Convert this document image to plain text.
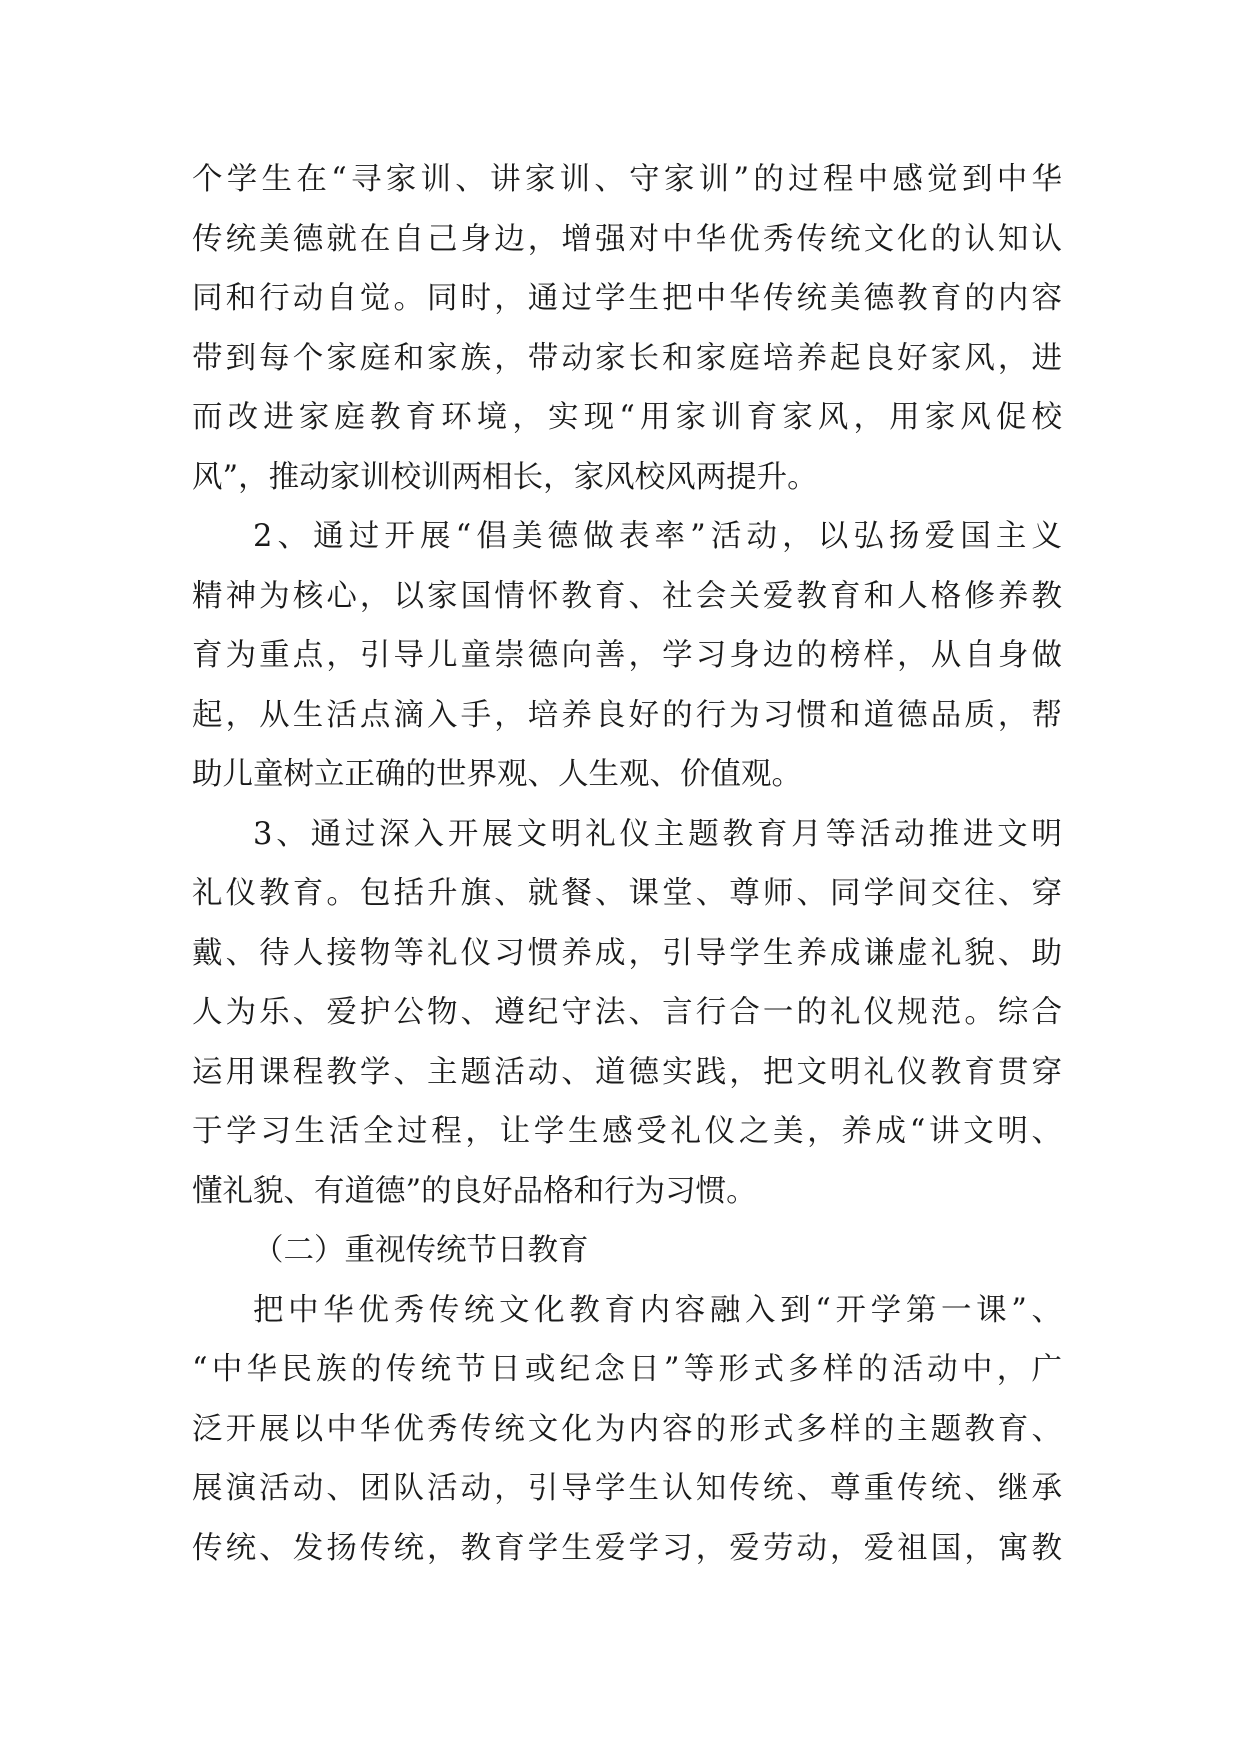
个学生在“寻家训、讲家训、守家训”的过程中感觉到中华
传统美德就在自己身边，增强对中华优秀传统文化的认知认
同和行动自觉。同时，通过学生把中华传统美德教育的内容
带到每个家庭和家族，带动家长和家庭培养起良好家风，进
而改进家庭教育环境，实现“用家训育家风，用家风促校
风”，推动家训校训两相长，家风校风两提升。
2、通过开展“倡美德做表率”活动，以弘扬爱国主义
精神为核心，以家国情怀教育、社会关爱教育和人格修养教
育为重点，引导儿童崇德向善，学习身边的榜样，从自身做
起，从生活点滴入手，培养良好的行为习惯和道德品质，帮
助儿童树立正确的世界观、人生观、价值观。
3、通过深入开展文明礼仪主题教育月等活动推进文明
礼仪教育。包括升旗、就餐、课堂、尊师、同学间交往、穿
戴、待人接物等礼仪习惯养成，引导学生养成谦虚礼貌、助
人为乐、爱护公物、遵纪守法、言行合一的礼仪规范。综合
运用课程教学、主题活动、道德实践，把文明礼仪教育贯穿
于学习生活全过程，让学生感受礼仪之美，养成“讲文明、
懂礼貌、有道德”的良好品格和行为习惯。
（二）重视传统节日教育
把中华优秀传统文化教育内容融入到“开学第一课”、
“中华民族的传统节日或纪念日”等形式多样的活动中，广
泛开展以中华优秀传统文化为内容的形式多样的主题教育、
展演活动、团队活动，引导学生认知传统、尊重传统、继承
传统、发扬传统，教育学生爱学习，爱劳动，爱祖国，寓教
